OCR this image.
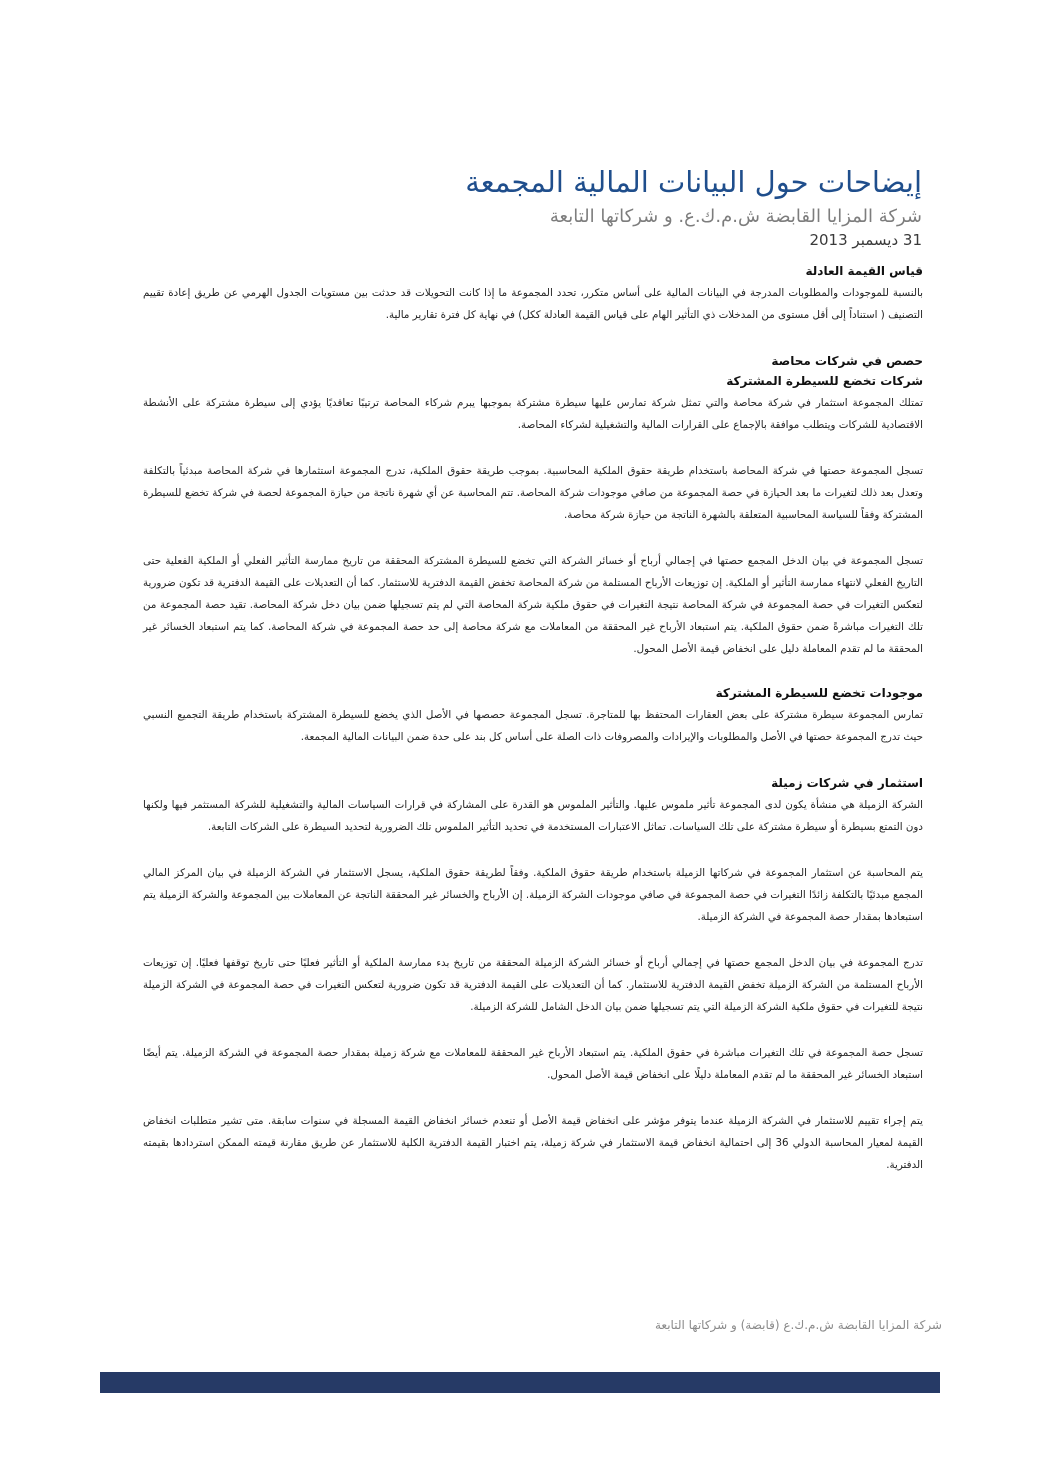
إيضاحات حول البيانات المالية المجمعة
شركة المزايا القابضة ش.م.ك.ع. و شركاتها التابعة
31 ديسمبر 2013
قياس القيمة العادلة

بالنسبة للموجودات والمطلوبات المدرجة في البيانات المالية على أساس متكرر، تحدد المجموعة ما إذا كانت التحويلات قد حدثت بين مستويات الجدول الهرمي عن طريق إعادة تقييم التصنيف ( استناداً إلى أقل مستوى من المدخلات ذي التأثير الهام على قياس القيمة العادلة ككل) في نهاية كل فترة تقارير مالية.

حصص في شركات محاصة
شركات تخضع للسيطرة المشتركة

تمتلك المجموعة استثمار في شركة محاصة والتي تمثل شركة تمارس عليها سيطرة مشتركة بموجبها يبرم شركاء المحاصة ترتيبًا تعاقديًا يؤدي إلى سيطرة مشتركة على الأنشطة الاقتصادية للشركات ويتطلب موافقة بالإجماع على القرارات المالية والتشغيلية لشركاء المحاصة.

تسجل المجموعة حصتها في شركة المحاصة باستخدام طريقة حقوق الملكية المحاسبية. بموجب طريقة حقوق الملكية، تدرج المجموعة استثمارها في شركة المحاصة مبدئياً بالتكلفة وتعدل بعد ذلك لتغيرات ما بعد الحيازة في حصة المجموعة من صافي موجودات شركة المحاصة. تتم المحاسبة عن أي شهرة ناتجة من حيازة المجموعة لحصة في شركة تخضع للسيطرة المشتركة وفقاً للسياسة المحاسبية المتعلقة بالشهرة الناتجة من حيازة شركة محاصة.

تسجل المجموعة في بيان الدخل المجمع حصتها في إجمالي أرباح أو خسائر الشركة التي تخضع للسيطرة المشتركة المحققة من تاريخ ممارسة التأثير الفعلي أو الملكية الفعلية حتى التاريخ الفعلي لانتهاء ممارسة التأثير أو الملكية. إن توزيعات الأرباح المستلمة من شركة المحاصة تخفض القيمة الدفترية للاستثمار. كما أن التعديلات على القيمة الدفترية قد تكون ضرورية لتعكس التغيرات في حصة المجموعة في شركة المحاصة نتيجة التغيرات في حقوق ملكية شركة المحاصة التي لم يتم تسجيلها ضمن بيان دخل شركة المحاصة. تقيد حصة المجموعة من تلك التغيرات مباشرةً ضمن حقوق الملكية. يتم استبعاد الأرباح غير المحققة من المعاملات مع شركة محاصة إلى حد حصة المجموعة في شركة المحاصة. كما يتم استبعاد الخسائر غير المحققة ما لم تقدم المعاملة دليل على انخفاض قيمة الأصل المحول.

موجودات تخضع للسيطرة المشتركة

تمارس المجموعة سيطرة مشتركة على بعض العقارات المحتفظ بها للمتاجرة. تسجل المجموعة حصصها في الأصل الذي يخضع للسيطرة المشتركة باستخدام طريقة التجميع النسبي حيث تدرج المجموعة حصتها في الأصل والمطلوبات والإيرادات والمصروفات ذات الصلة على أساس كل بند على حدة ضمن البيانات المالية المجمعة.

استثمار في شركات زميلة

الشركة الزميلة هي منشأة يكون لدى المجموعة تأثير ملموس عليها. والتأثير الملموس هو القدرة على المشاركة في قرارات السياسات المالية والتشغيلية للشركة المستثمر فيها ولكنها دون التمتع بسيطرة أو سيطرة مشتركة على تلك السياسات. تماثل الاعتبارات المستخدمة في تحديد التأثير الملموس تلك الضرورية لتحديد السيطرة على الشركات التابعة.

يتم المحاسبة عن استثمار المجموعة في شركاتها الزميلة باستخدام طريقة حقوق الملكية. وفقاً لطريقة حقوق الملكية، يسجل الاستثمار في الشركة الزميلة في بيان المركز المالي المجمع مبدئيًا بالتكلفة زائدًا التغيرات في حصة المجموعة في صافي موجودات الشركة الزميلة. إن الأرباح والخسائر غير المحققة الناتجة عن المعاملات بين المجموعة والشركة الزميلة يتم استبعادها بمقدار حصة المجموعة في الشركة الزميلة.

تدرج المجموعة في بيان الدخل المجمع حصتها في إجمالي أرباح أو خسائر الشركة الزميلة المحققة من تاريخ بدء ممارسة الملكية أو التأثير فعليًا حتى تاريخ توقفها فعليًا. إن توزيعات الأرباح المستلمة من الشركة الزميلة تخفض القيمة الدفترية للاستثمار. كما أن التعديلات على القيمة الدفترية قد تكون ضرورية لتعكس التغيرات في حصة المجموعة في الشركة الزميلة نتيجة للتغيرات في حقوق ملكية الشركة الزميلة التي يتم تسجيلها ضمن بيان الدخل الشامل للشركة الزميلة.

تسجل حصة المجموعة في تلك التغيرات مباشرة في حقوق الملكية. يتم استبعاد الأرباح غير المحققة للمعاملات مع شركة زميلة بمقدار حصة المجموعة في الشركة الزميلة. يتم أيضًا استبعاد الخسائر غير المحققة ما لم تقدم المعاملة دليلًا على انخفاض قيمة الأصل المحول.

يتم إجراء تقييم للاستثمار في الشركة الزميلة عندما يتوفر مؤشر على انخفاض قيمة الأصل أو تنعدم خسائر انخفاض القيمة المسجلة في سنوات سابقة. متى تشير متطلبات انخفاض القيمة لمعيار المحاسبة الدولي 36 إلى احتمالية انخفاض قيمة الاستثمار في شركة زميلة، يتم اختبار القيمة الدفترية الكلية للاستثمار عن طريق مقارنة قيمته الممكن استردادها بقيمته الدفترية.

شركة المزايا القابضة ش.م.ك.ع (قابضة) و شركاتها التابعة
